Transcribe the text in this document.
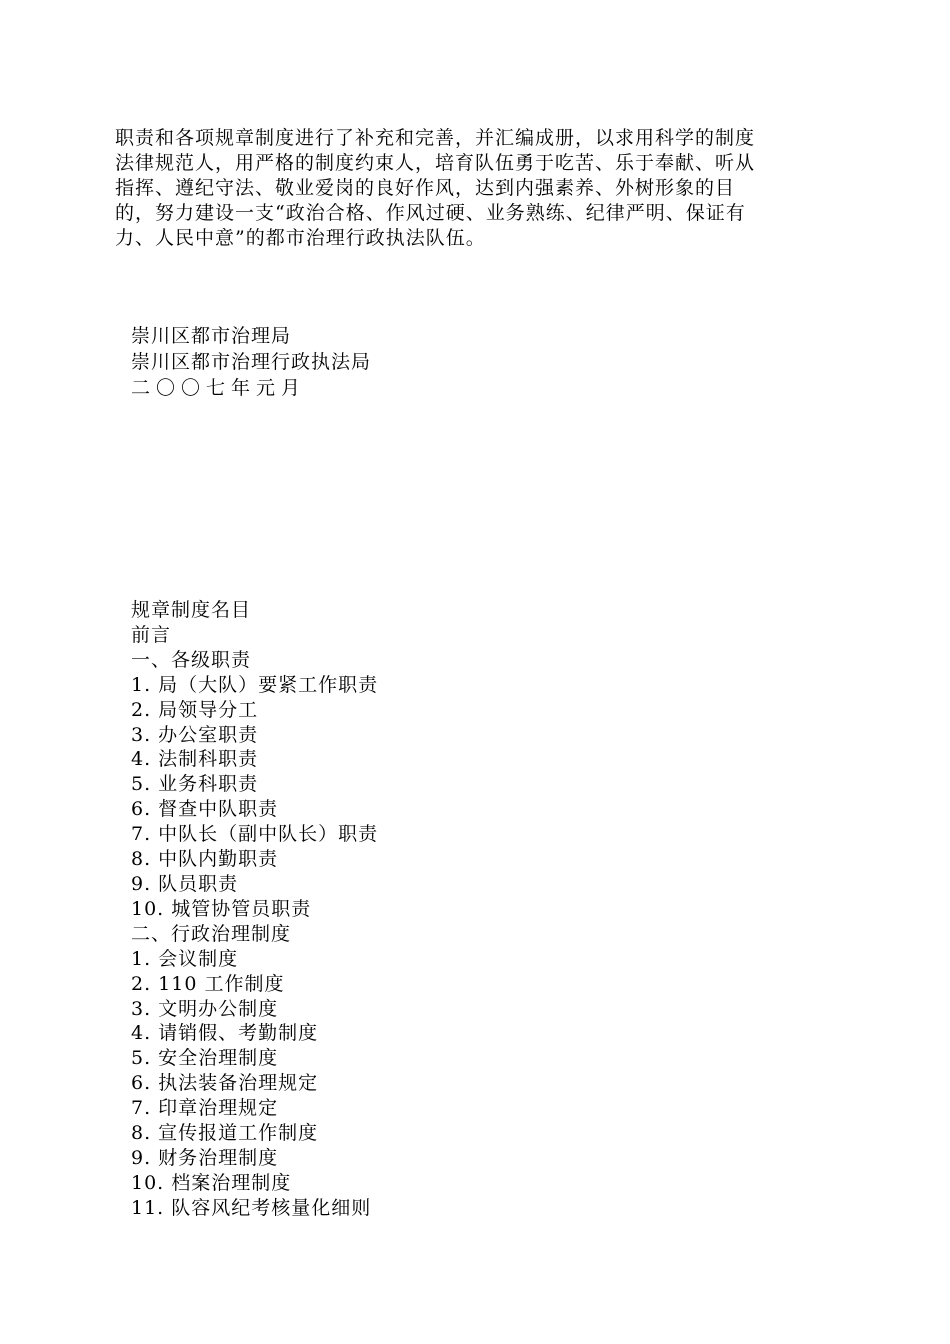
职责和各项规章制度进行了补充和完善，并汇编成册，以求用科学的制度
法律规范人，用严格的制度约束人，培育队伍勇于吃苦、乐于奉献、听从
指挥、遵纪守法、敬业爱岗的良好作风，达到内强素养、外树形象的目
的，努力建设一支“政治合格、作风过硬、业务熟练、纪律严明、保证有
力、人民中意”的都市治理行政执法队伍。
崇川区都市治理局
崇川区都市治理行政执法局
二〇〇七年元月
规章制度名目
前言
一、各级职责
1. 局（大队）要紧工作职责
2. 局领导分工
3. 办公室职责
4. 法制科职责
5. 业务科职责
6. 督查中队职责
7. 中队长（副中队长）职责
8. 中队内勤职责
9. 队员职责
10. 城管协管员职责
二、行政治理制度
1. 会议制度
2. 110 工作制度
3. 文明办公制度
4. 请销假、考勤制度
5. 安全治理制度
6. 执法装备治理规定
7. 印章治理规定
8. 宣传报道工作制度
9. 财务治理制度
10. 档案治理制度
11. 队容风纪考核量化细则
